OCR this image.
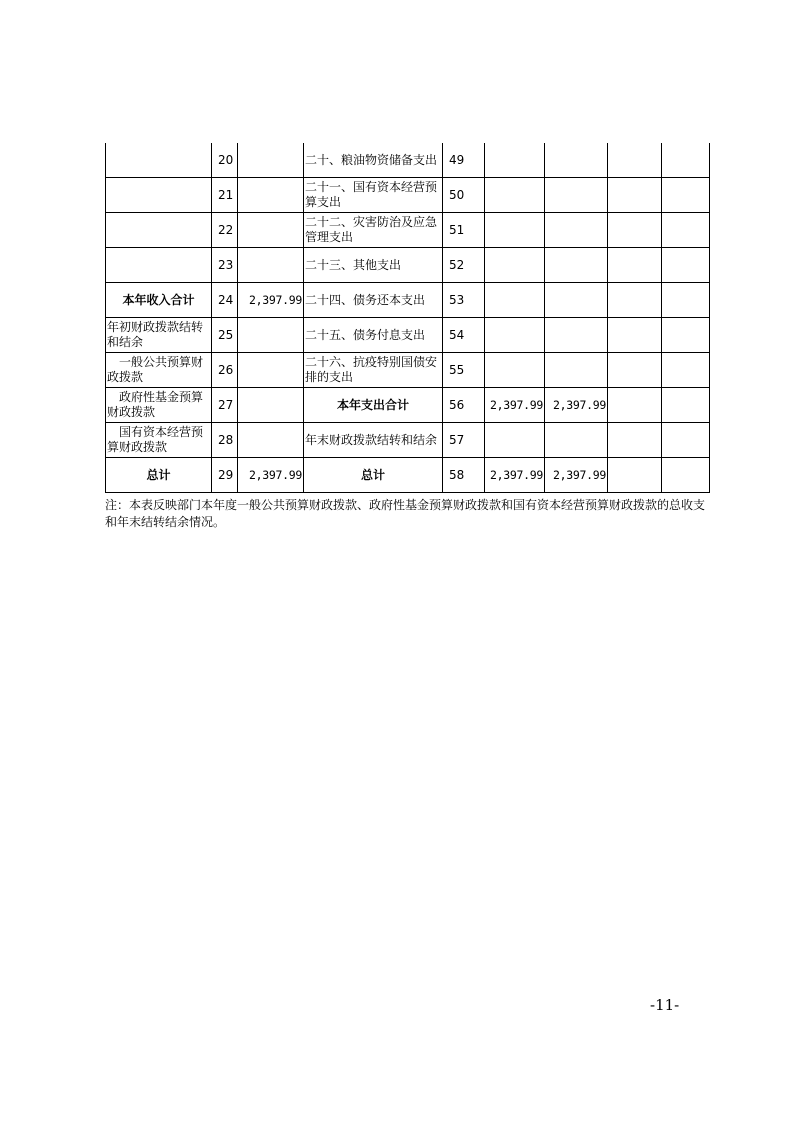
	20		二十、粮油物资储备支出	49				
	21		二十一、国有资本经营预算支出	50				
	22		二十二、灾害防治及应急管理支出	51				
	23		二十三、其他支出	52				
本年收入合计	24	2,397.99	二十四、债务还本支出	53				
年初财政拨款结转和结余	25		二十五、债务付息支出	54				
一般公共预算财政拨款	26		二十六、抗疫特别国债安排的支出	55				
政府性基金预算财政拨款	27		本年支出合计	56	2,397.99	2,397.99		
国有资本经营预算财政拨款	28		年末财政拨款结转和结余	57				
总计	29	2,397.99	总计	58	2,397.99	2,397.99		
注：本表反映部门本年度一般公共预算财政拨款、政府性基金预算财政拨款和国有资本经营预算财政拨款的总收支和年末结转结余情况。
-11-
